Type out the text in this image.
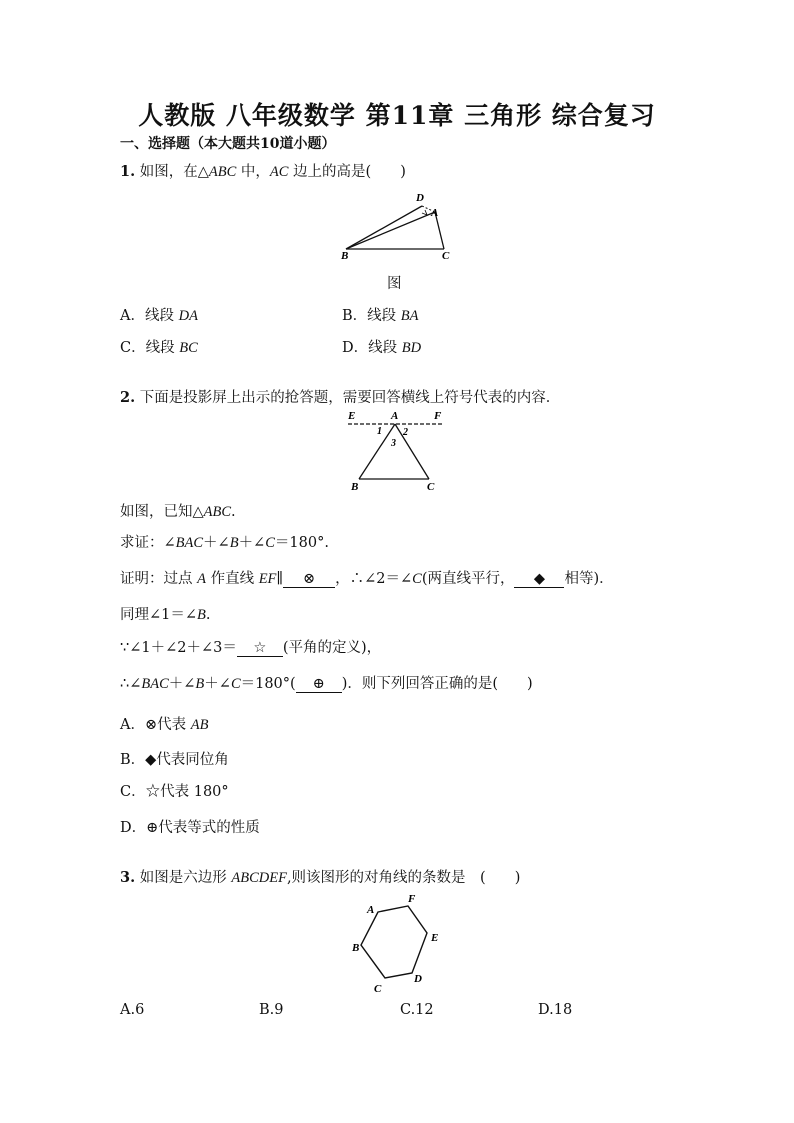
人教版 八年级数学 第11章 三角形 综合复习
一、选择题（本大题共10道小题）
1. 如图，在△ABC 中，AC 边上的高是(　　)
D
A
B	C
图
A．线段 DA	B．线段 BA
C．线段 BC	D．线段 BD
2. 下面是投影屏上出示的抢答题，需要回答横线上符号代表的内容．
E	A	F
1 2
3
B	C
如图，已知△ABC.
求证：∠BAC＋∠B＋∠C＝180°.
证明：过点 A 作直线 EF∥ ⊗ ，∴∠2＝∠C(两直线平行， ◆ 相等)．
同理∠1＝∠B.
∵∠1＋∠2＋∠3＝ ☆ (平角的定义)，
∴∠BAC＋∠B＋∠C＝180°( ⊕ )．则下列回答正确的是(　　)
A．⊗代表 AB
B．◆代表同位角
C．☆代表 180°
D．⊕代表等式的性质
3. 如图是六边形 ABCDEF,则该图形的对角线的条数是　(　　)
A
B
C
D
E
F
A.6	B.9	C.12	D.18
